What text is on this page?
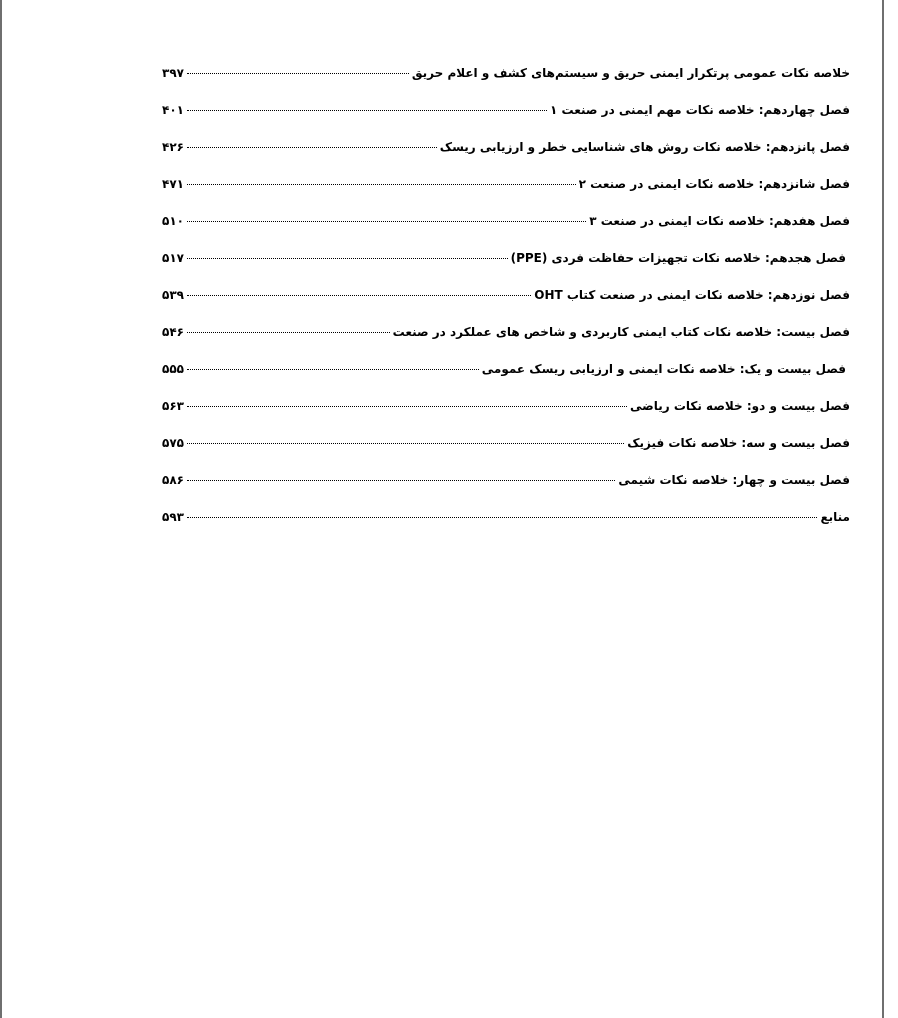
خلاصه نکات عمومی پرتکرار ایمنی حریق و سیستم‌های کشف و اعلام حریق
۳۹۷
فصل چهاردهم: خلاصه نکات مهم ایمنی در صنعت ۱
۴۰۱
فصل پانزدهم: خلاصه نکات روش های شناسایی خطر و ارزیابی ریسک
۴۲۶
فصل شانزدهم: خلاصه نکات ایمنی در صنعت ۲
۴۷۱
فصل هفدهم: خلاصه نکات ایمنی در صنعت ۳
۵۱۰
فصل هجدهم: خلاصه نکات تجهیزات حفاظت فردی (PPE)
۵۱۷
فصل نوزدهم: خلاصه نکات ایمنی در صنعت کتاب OHT
۵۳۹
فصل بیست: خلاصه نکات کتاب ایمنی کاربردی و شاخص های عملکرد در صنعت
۵۴۶
فصل بیست و یک: خلاصه نکات ایمنی و ارزیابی ریسک عمومی
۵۵۵
فصل بیست و دو: خلاصه نکات ریاضی
۵۶۳
فصل بیست و سه: خلاصه نکات فیزیک
۵۷۵
فصل بیست و چهار: خلاصه نکات شیمی
۵۸۶
منابع
۵۹۳
